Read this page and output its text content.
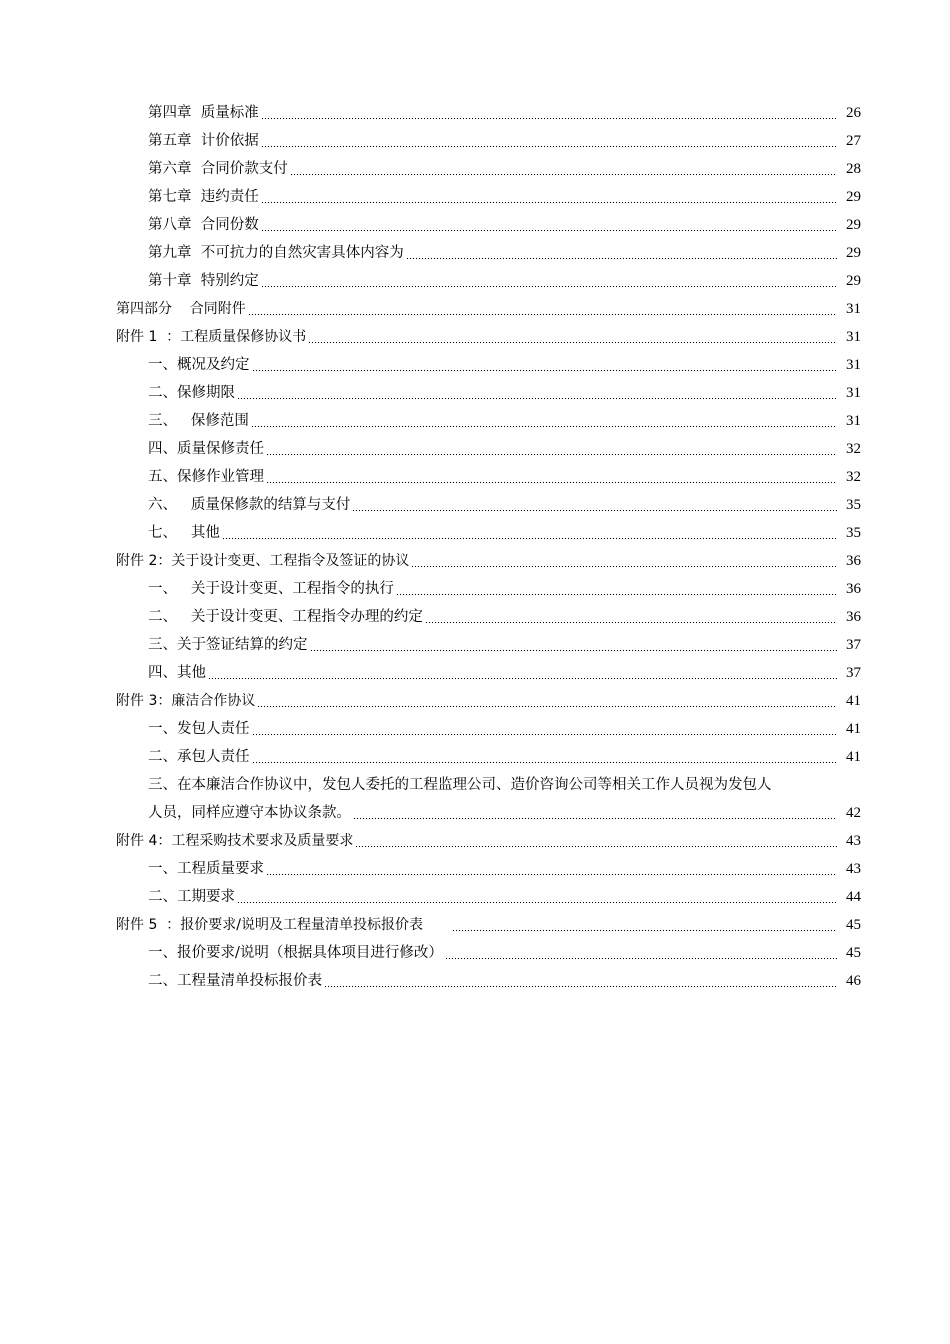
第四章  质量标准	26
第五章  计价依据	27
第六章  合同价款支付	28
第七章  违约责任	29
第八章  合同份数	29
第九章  不可抗力的自然灾害具体内容为	29
第十章  特别约定	29
第四部分    合同附件	31
附件 1  ：工程质量保修协议书	31
一、概况及约定	31
二、保修期限	31
三、   保修范围	31
四、质量保修责任	32
五、保修作业管理	32
六、   质量保修款的结算与支付	35
七、   其他	35
附件 2：关于设计变更、工程指令及签证的协议	36
一、   关于设计变更、工程指令的执行	36
二、   关于设计变更、工程指令办理的约定	36
三、关于签证结算的约定	37
四、其他	37
附件 3：廉洁合作协议	41
一、发包人责任	41
二、承包人责任	41
三、在本廉洁合作协议中，发包人委托的工程监理公司、造价咨询公司等相关工作人员视为发包人
人员，同样应遵守本协议条款。	42
附件 4：工程采购技术要求及质量要求	43
一、工程质量要求	43
二、工期要求	44
附件 5  ：报价要求/说明及工程量清单投标报价表	45
一、报价要求/说明（根据具体项目进行修改）	45
二、工程量清单投标报价表	46
